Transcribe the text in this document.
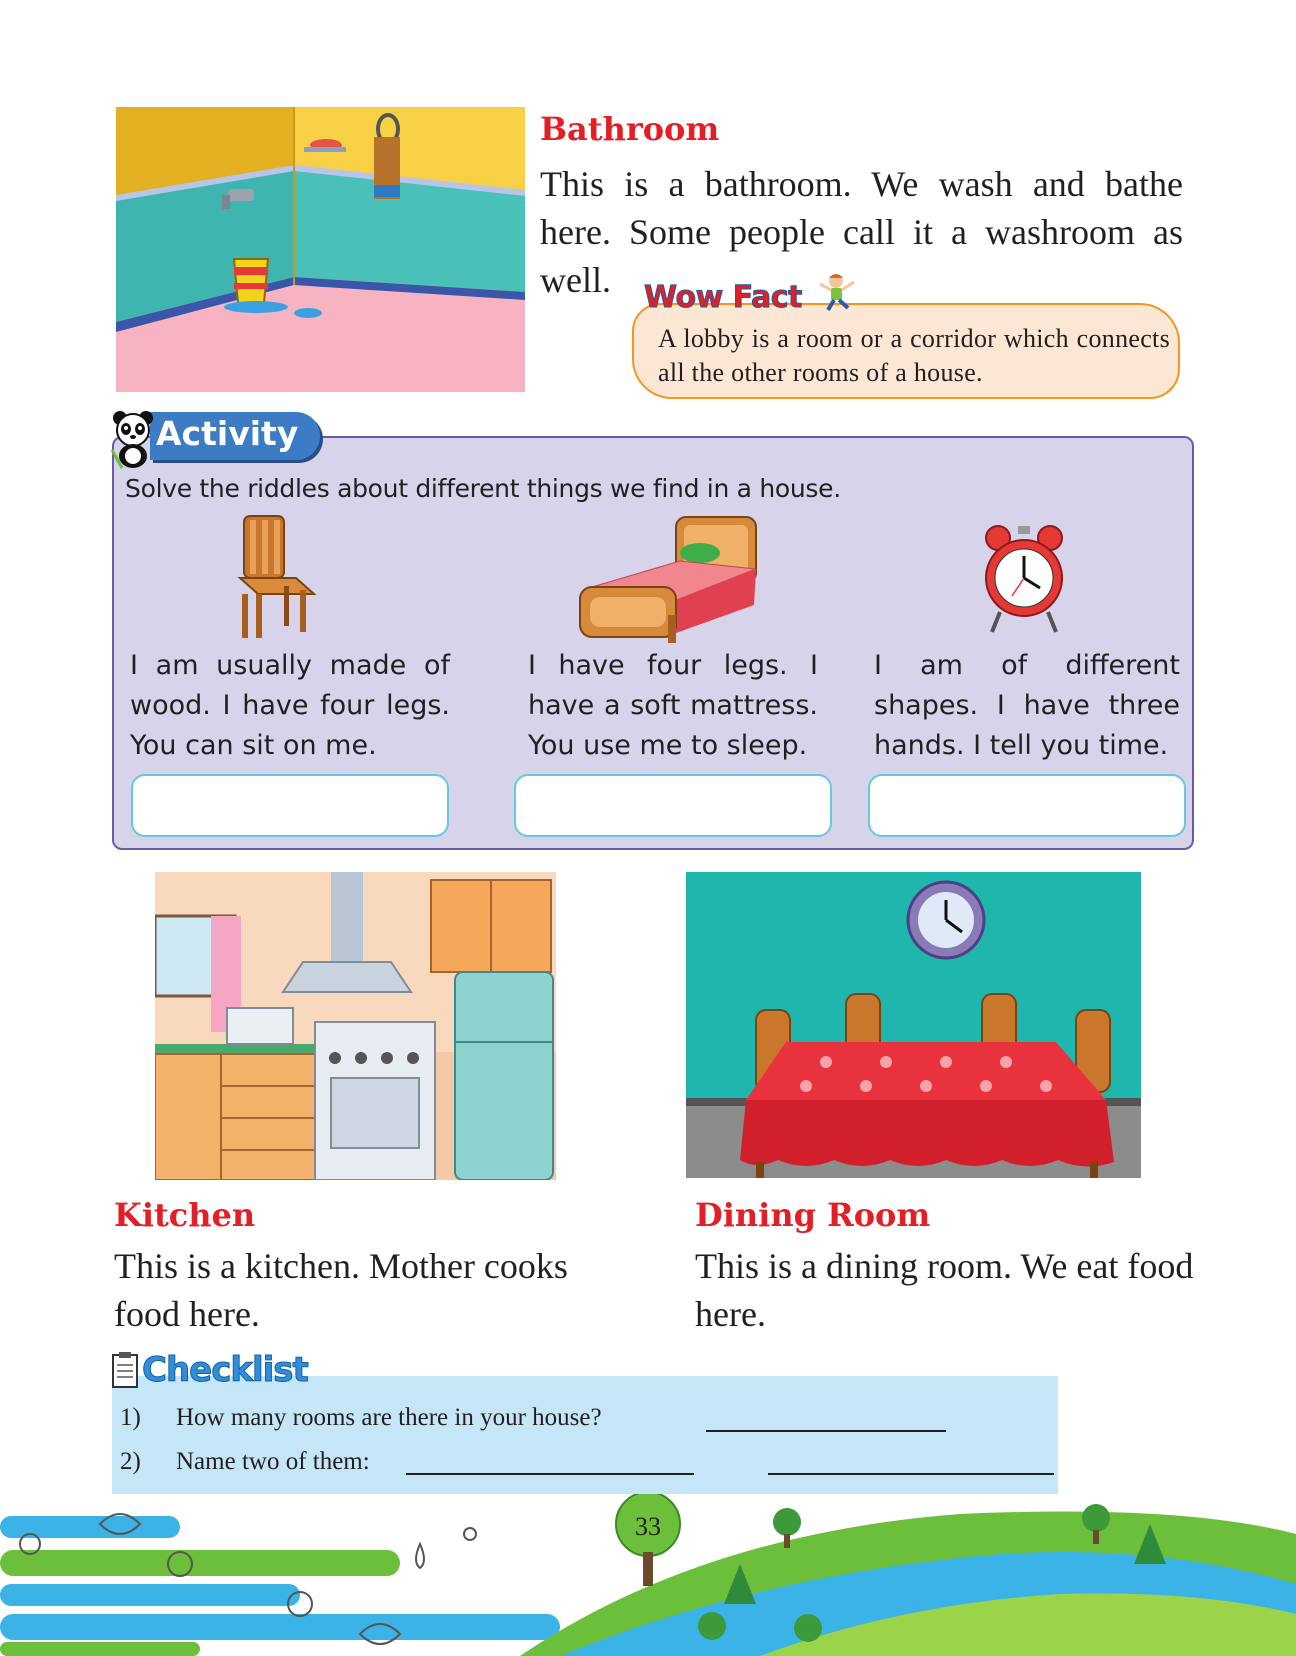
Bathroom
This is a bathroom. We wash and bathe here. Some people call it a washroom as well.	Wow Fact
A lobby is a room or a corridor which connects all the other rooms of a house.
Activity
Solve the riddles about different things we find in a house.
I am usually made of wood. I have four legs. You can sit on me.
I have four legs. I have a soft mattress. You use me to sleep.
I am of different shapes. I have three hands. I tell you time.
Kitchen
This is a kitchen. Mother cooks food here.
Dining Room
This is a dining room. We eat food here.
Checklist
1) How many rooms are there in your house?
2) Name two of them:
33
